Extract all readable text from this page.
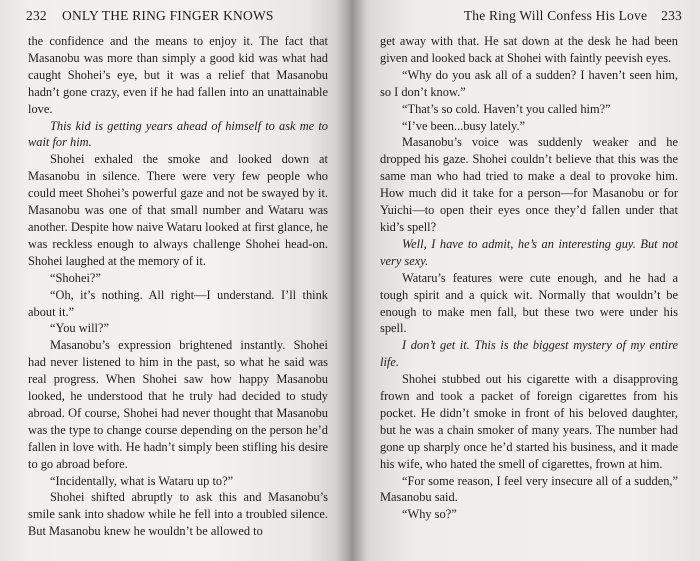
232 ONLY THE RING FINGER KNOWS

the confidence and the means to enjoy it. The fact that Masanobu was more than simply a good kid was what had caught Shohei’s eye, but it was a relief that Masanobu hadn’t gone crazy, even if he had fallen into an unattainable love.

This kid is getting years ahead of himself to ask me to wait for him.

Shohei exhaled the smoke and looked down at Masanobu in silence. There were very few people who could meet Shohei’s powerful gaze and not be swayed by it. Masanobu was one of that small number and Wataru was another. Despite how naive Wataru looked at first glance, he was reckless enough to always challenge Shohei head-on. Shohei laughed at the memory of it.

“Shohei?”

“Oh, it’s nothing. All right—I understand. I’ll think about it.”

“You will?”

Masanobu’s expression brightened instantly. Shohei had never listened to him in the past, so what he said was real progress. When Shohei saw how happy Masanobu looked, he understood that he truly had decided to study abroad. Of course, Shohei had never thought that Masanobu was the type to change course depending on the person he’d fallen in love with. He hadn’t simply been stifling his desire to go abroad before.

“Incidentally, what is Wataru up to?”

Shohei shifted abruptly to ask this and Masanobu’s smile sank into shadow while he fell into a troubled silence. But Masanobu knew he wouldn’t be allowed to

The Ring Will Confess His Love 233

get away with that. He sat down at the desk he had been given and looked back at Shohei with faintly peevish eyes.

“Why do you ask all of a sudden? I haven’t seen him, so I don’t know.”

“That’s so cold. Haven’t you called him?”

“I’ve been...busy lately.”

Masanobu’s voice was suddenly weaker and he dropped his gaze. Shohei couldn’t believe that this was the same man who had tried to make a deal to provoke him. How much did it take for a person—for Masanobu or for Yuichi—to open their eyes once they’d fallen under that kid’s spell?

Well, I have to admit, he’s an interesting guy. But not very sexy.

Wataru’s features were cute enough, and he had a tough spirit and a quick wit. Normally that wouldn’t be enough to make men fall, but these two were under his spell.

I don’t get it. This is the biggest mystery of my entire life.

Shohei stubbed out his cigarette with a disapproving frown and took a packet of foreign cigarettes from his pocket. He didn’t smoke in front of his beloved daughter, but he was a chain smoker of many years. The number had gone up sharply once he’d started his business, and it made his wife, who hated the smell of cigarettes, frown at him.

“For some reason, I feel very insecure all of a sudden,” Masanobu said.

“Why so?”
